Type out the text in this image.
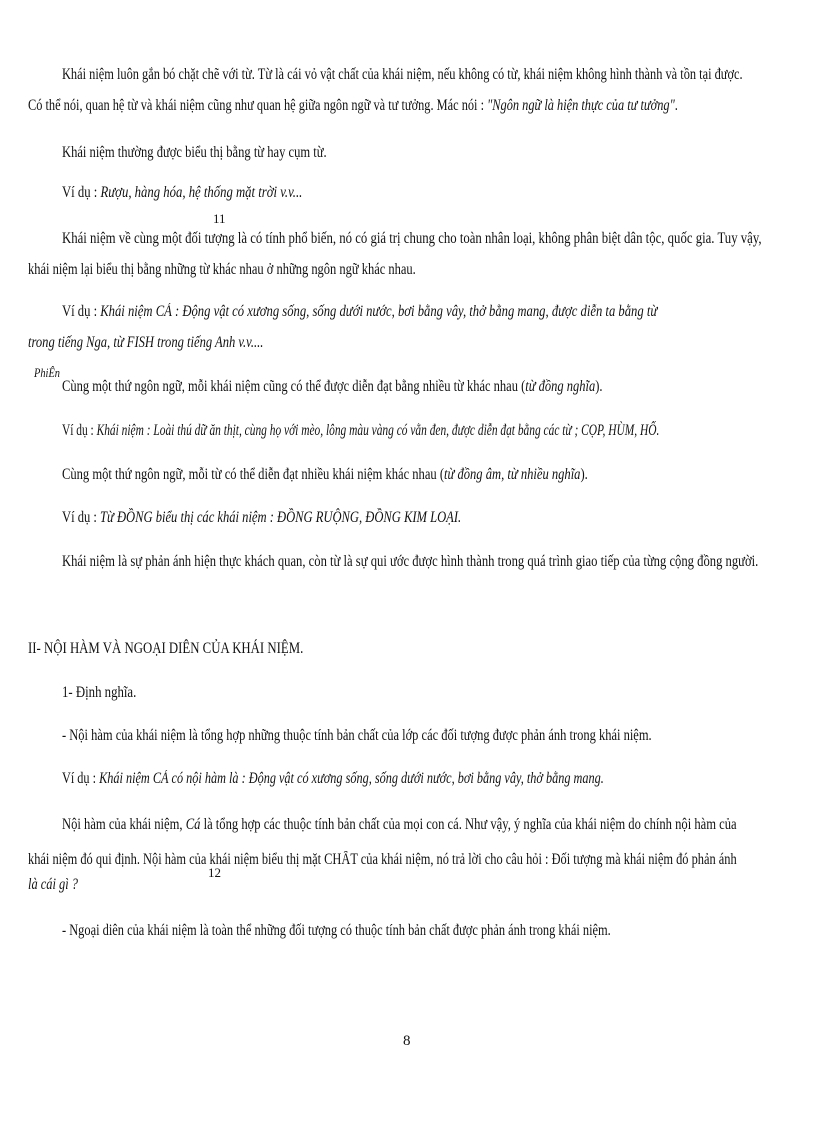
Khái niệm luôn gắn bó chặt chẽ với từ. Từ là cái vỏ vật chất của khái niệm, nếu không có từ, khái niệm không hình thành và tồn tại được.
Có thể nói, quan hệ từ và khái niệm cũng như quan hệ giữa ngôn ngữ và tư tưởng. Mác nói : "Ngôn ngữ là hiện thực của tư tưởng".
Khái niệm thường được biểu thị bằng từ hay cụm từ.
Ví dụ : Rượu, hàng hóa, hệ thống mặt trời v.v...
11
Khái niệm về cùng một đối tượng là có tính phổ biến, nó có giá trị chung cho toàn nhân loại, không phân biệt dân tộc, quốc gia. Tuy vậy,
khái niệm lại biểu thị bằng những từ khác nhau ở những ngôn ngữ khác nhau.
Ví dụ : Khái niệm CÁ : Động vật có xương sống, sống dưới nước, bơi bằng vây, thở bằng mang, được diễn ta bằng từ
trong tiếng Nga, từ FISH trong tiếng Anh v.v....
PhiÊn
Cùng một thứ ngôn ngữ, mỗi khái niệm cũng có thể được diễn đạt bằng nhiều từ khác nhau (từ đồng nghĩa).
Ví dụ : Khái niệm : Loài thú dữ ăn thịt, cùng họ với mèo, lông màu vàng có vằn đen, được diễn đạt bằng các từ ; CỌP, HÙM, HỔ.
Cùng một thứ ngôn ngữ, mỗi từ có thể diễn đạt nhiều khái niệm khác nhau (từ đồng âm, từ nhiều nghĩa).
Ví dụ : Từ ĐỒNG biểu thị các khái niệm : ĐỒNG RUỘNG, ĐỒNG KIM LOẠI.
Khái niệm là sự phản ánh hiện thực khách quan, còn từ là sự qui ước được hình thành trong quá trình giao tiếp của từng cộng đồng người.
II- NỘI HÀM VÀ NGOẠI DIÊN CỦA KHÁI NIỆM.
1- Định nghĩa.
- Nội hàm của khái niệm là tổng hợp những thuộc tính bản chất của lớp các đối tượng được phản ánh trong khái niệm.
Ví dụ : Khái niệm CÁ có nội hàm là : Động vật có xương sống, sống dưới nước, bơi bằng vây, thở bằng mang.
12
Nội hàm của khái niệm, Cá là tổng hợp các thuộc tính bản chất của mọi con cá. Như vậy, ý nghĩa của khái niệm do chính nội hàm của
khái niệm đó qui định. Nội hàm của khái niệm biểu thị mặt CHẤT của khái niệm, nó trả lời cho câu hỏi : Đối tượng mà khái niệm đó phản ánh
là cái gì ?
- Ngoại diên của khái niệm là toàn thể những đối tượng có thuộc tính bản chất được phản ánh trong khái niệm.
8
